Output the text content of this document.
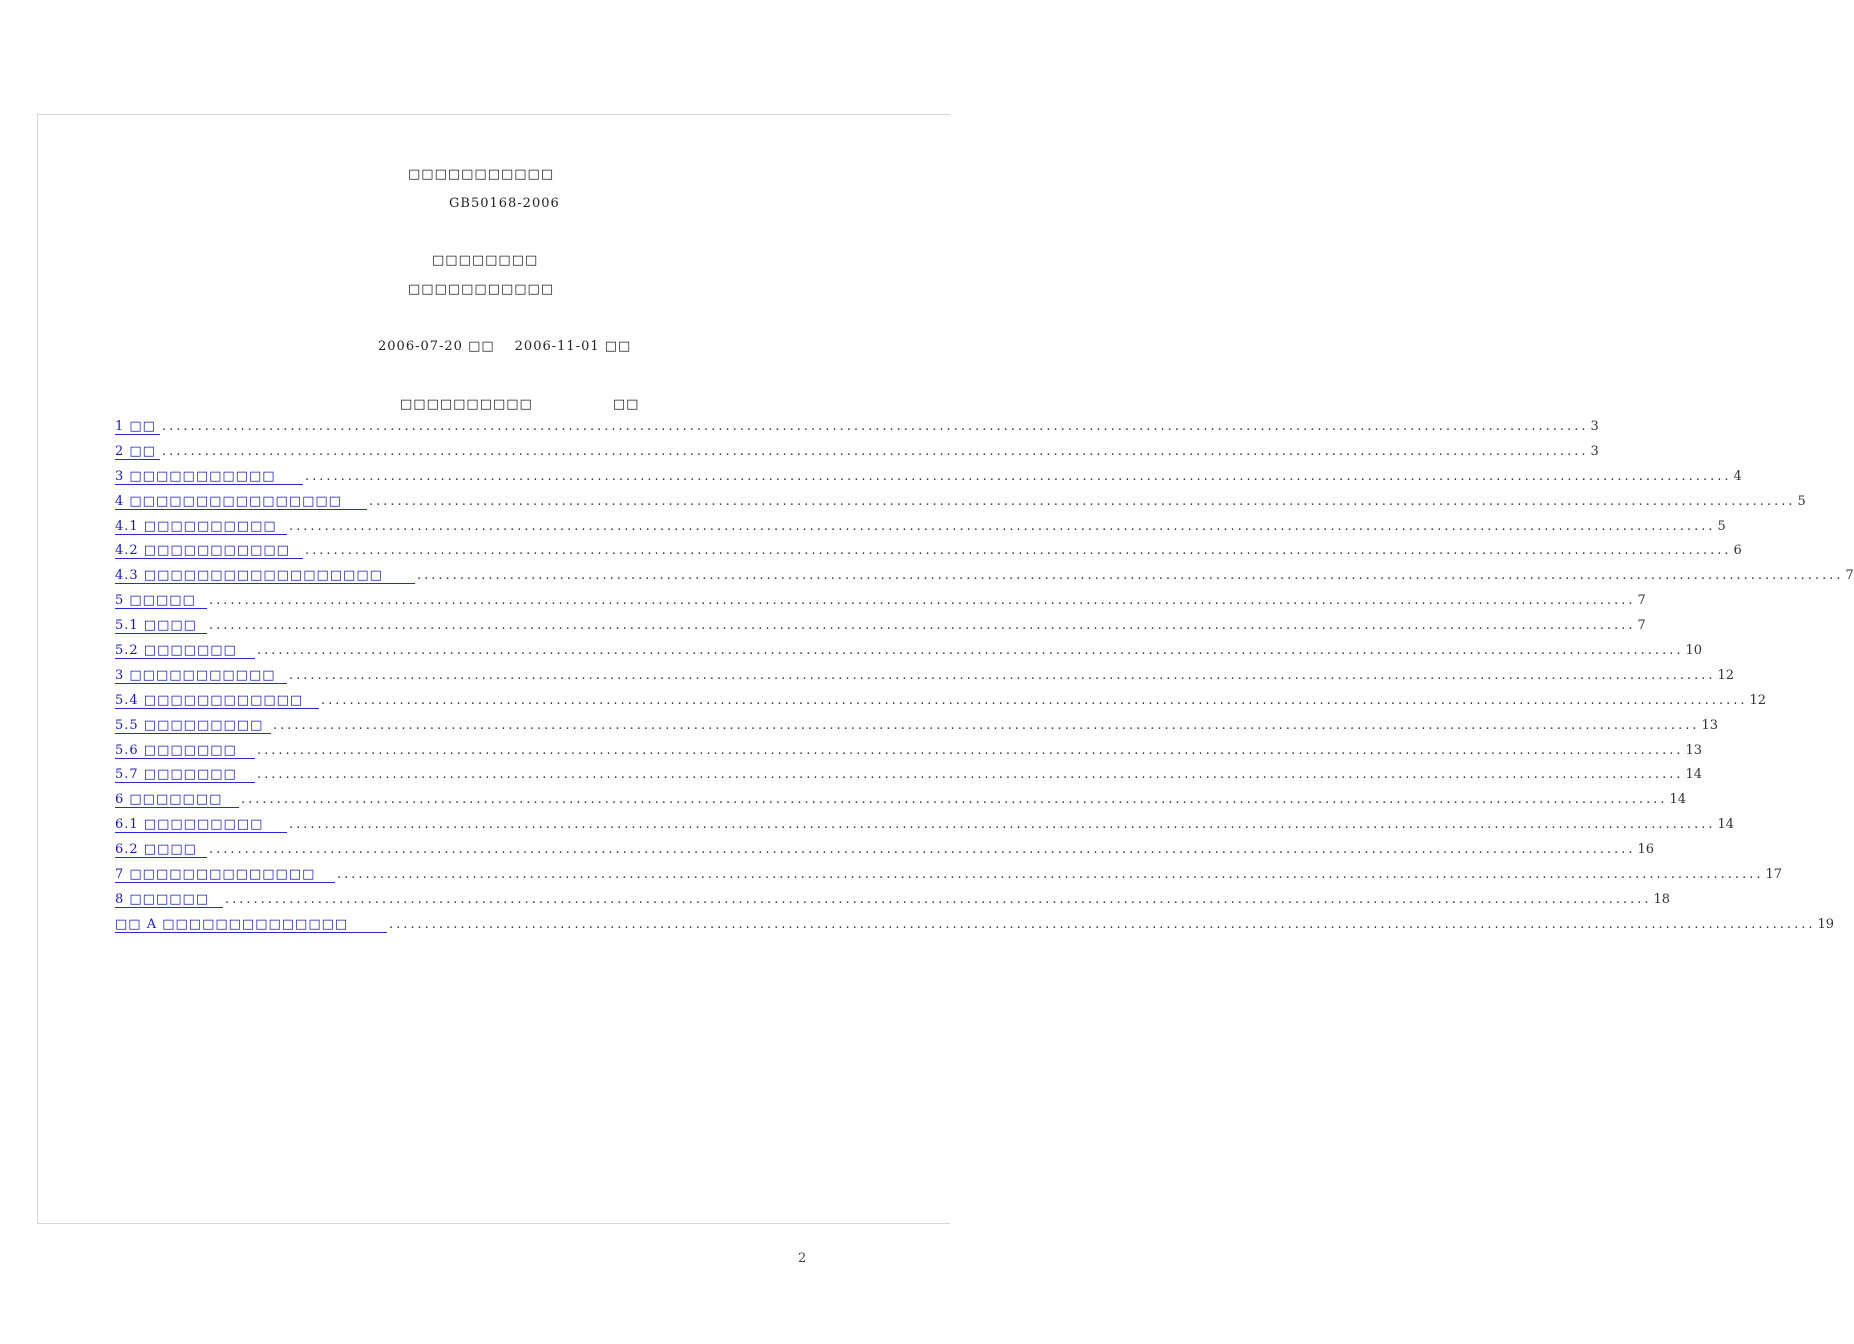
□□□□□□□□□□□
GB50168-2006
□□□□□□□□
□□□□□□□□□□□
2006-07-20 □□ 2006-11-01 □□
□□□□□□□□□□	□□
1 □□ ........................................................................................................................................................................................................ 3
2 □□ ........................................................................................................................................................................................................ 3
3 □□□□□□□□□□□	........................................................................................................................................................................................................ 4
4 □□□□□□□□□□□□□□□□	........................................................................................................................................................................................................ 5
4.1 □□□□□□□□□□ ........................................................................................................................................................................................................ 5
4.2 □□□□□□□□□□□	........................................................................................................................................................................................................ 6
4.3 □□□□□□□□□□□□□□□□□□	........................................................................................................................................................................................................ 7
5 □□□□□	........................................................................................................................................................................................................ 7
5.1 □□□□ ........................................................................................................................................................................................................ 7
5.2 □□□□□□□	........................................................................................................................................................................................................ 10
3 □□□□□□□□□□□	........................................................................................................................................................................................................ 12
5.4 □□□□□□□□□□□□	........................................................................................................................................................................................................ 12
5.5 □□□□□□□□□ ........................................................................................................................................................................................................ 13
5.6 □□□□□□□	........................................................................................................................................................................................................ 13
5.7 □□□□□□□	........................................................................................................................................................................................................ 14
6 □□□□□□□	........................................................................................................................................................................................................ 14
6.1 □□□□□□□□□	........................................................................................................................................................................................................ 14
6.2 □□□□ ........................................................................................................................................................................................................ 16
7 □□□□□□□□□□□□□□	........................................................................................................................................................................................................ 17
8 □□□□□□	........................................................................................................................................................................................................ 18
□□ A □□□□□□□□□□□□□□	........................................................................................................................................................................................................ 19
2
